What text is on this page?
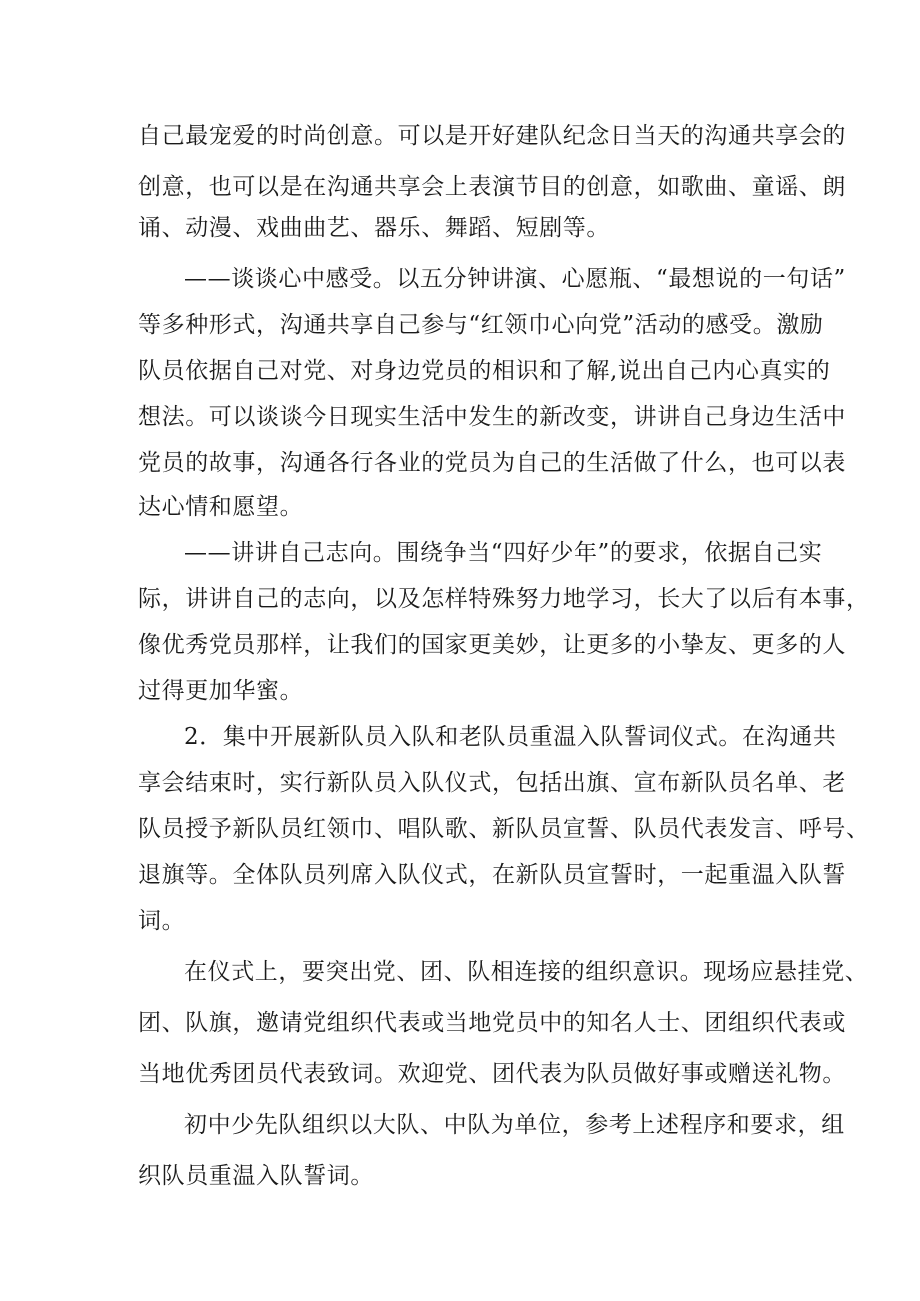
自己最宠爱的时尚创意。可以是开好建队纪念日当天的沟通共享会的

创意，也可以是在沟通共享会上表演节目的创意，如歌曲、童谣、朗

诵、动漫、戏曲曲艺、器乐、舞蹈、短剧等。

——谈谈心中感受。以五分钟讲演、心愿瓶、“最想说的一句话”

等多种形式，沟通共享自己参与“红领巾心向党”活动的感受。激励

队员依据自己对党、对身边党员的相识和了解,说出自己内心真实的

想法。可以谈谈今日现实生活中发生的新改变，讲讲自己身边生活中

党员的故事，沟通各行各业的党员为自己的生活做了什么，也可以表

达心情和愿望。

——讲讲自己志向。围绕争当“四好少年”的要求，依据自己实

际，讲讲自己的志向，以及怎样特殊努力地学习，长大了以后有本事，

像优秀党员那样，让我们的国家更美妙，让更多的小挚友、更多的人

过得更加华蜜。

2．集中开展新队员入队和老队员重温入队誓词仪式。在沟通共

享会结束时，实行新队员入队仪式，包括出旗、宣布新队员名单、老

队员授予新队员红领巾、唱队歌、新队员宣誓、队员代表发言、呼号、

退旗等。全体队员列席入队仪式，在新队员宣誓时，一起重温入队誓

词。

在仪式上，要突出党、团、队相连接的组织意识。现场应悬挂党、

团、队旗，邀请党组织代表或当地党员中的知名人士、团组织代表或

当地优秀团员代表致词。欢迎党、团代表为队员做好事或赠送礼物。

初中少先队组织以大队、中队为单位，参考上述程序和要求，组

织队员重温入队誓词。
